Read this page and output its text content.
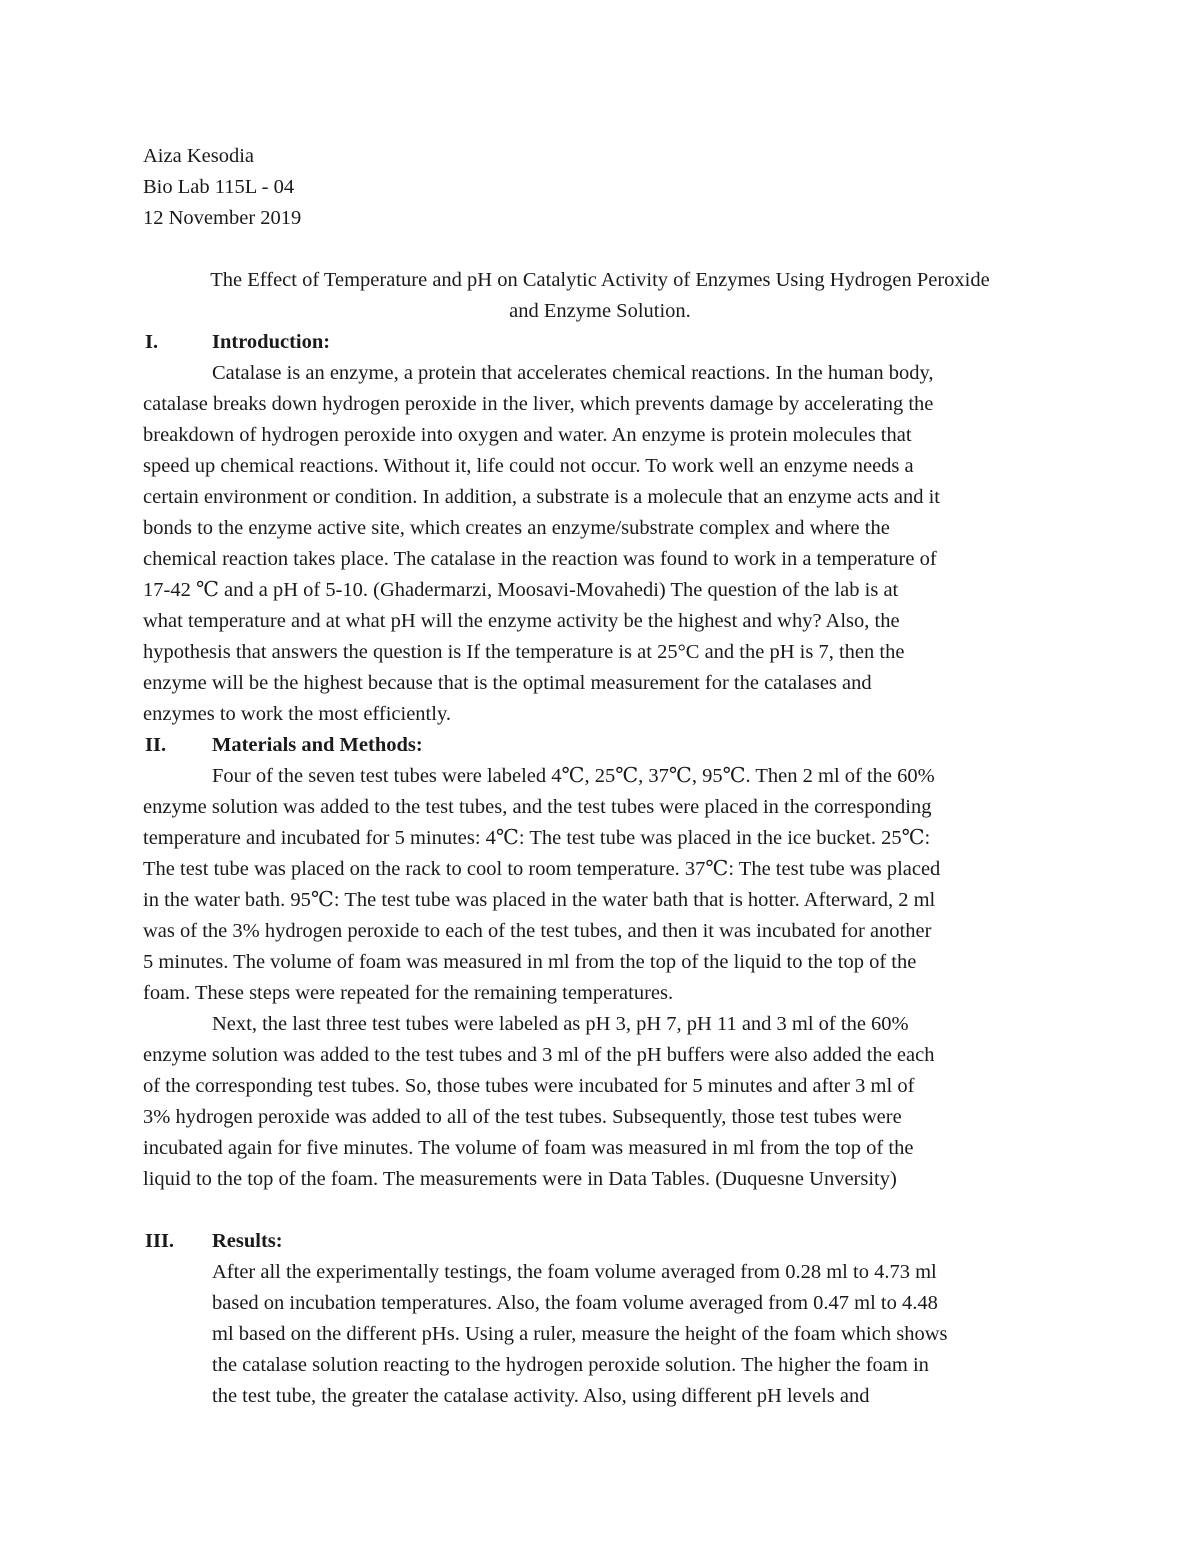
Aiza Kesodia
Bio Lab 115L - 04
12 November 2019
The Effect of Temperature and pH on Catalytic Activity of Enzymes Using Hydrogen Peroxide
and Enzyme Solution.
I.	Introduction:
Catalase is an enzyme, a protein that accelerates chemical reactions. In the human body,
catalase breaks down hydrogen peroxide in the liver, which prevents damage by accelerating the
breakdown of hydrogen peroxide into oxygen and water. An enzyme is protein molecules that
speed up chemical reactions. Without it, life could not occur. To work well an enzyme needs a
certain environment or condition. In addition, a substrate is a molecule that an enzyme acts and it
bonds to the enzyme active site, which creates an enzyme/substrate complex and where the
chemical reaction takes place. The catalase in the reaction was found to work in a temperature of
17-42 ℃ and a pH of 5-10. (Ghadermarzi, Moosavi-Movahedi) The question of the lab is at
what temperature and at what pH will the enzyme activity be the highest and why? Also, the
hypothesis that answers the question is If the temperature is at 25°C and the pH is 7, then the
enzyme will be the highest because that is the optimal measurement for the catalases and
enzymes to work the most efficiently.
II.	Materials and Methods:
Four of the seven test tubes were labeled 4℃, 25℃, 37℃, 95℃. Then 2 ml of the 60%
enzyme solution was added to the test tubes, and the test tubes were placed in the corresponding
temperature and incubated for 5 minutes: 4℃: The test tube was placed in the ice bucket. 25℃:
The test tube was placed on the rack to cool to room temperature. 37℃: The test tube was placed
in the water bath. 95℃: The test tube was placed in the water bath that is hotter. Afterward, 2 ml
was of the 3% hydrogen peroxide to each of the test tubes, and then it was incubated for another
5 minutes. The volume of foam was measured in ml from the top of the liquid to the top of the
foam. These steps were repeated for the remaining temperatures.
Next, the last three test tubes were labeled as pH 3, pH 7, pH 11 and 3 ml of the 60%
enzyme solution was added to the test tubes and 3 ml of the pH buffers were also added the each
of the corresponding test tubes. So, those tubes were incubated for 5 minutes and after 3 ml of
3% hydrogen peroxide was added to all of the test tubes. Subsequently, those test tubes were
incubated again for five minutes. The volume of foam was measured in ml from the top of the
liquid to the top of the foam. The measurements were in Data Tables. (Duquesne Unversity)
III.	Results:
After all the experimentally testings, the foam volume averaged from 0.28 ml to 4.73 ml
based on incubation temperatures. Also, the foam volume averaged from 0.47 ml to 4.48
ml based on the different pHs. Using a ruler, measure the height of the foam which shows
the catalase solution reacting to the hydrogen peroxide solution. The higher the foam in
the test tube, the greater the catalase activity. Also, using different pH levels and
